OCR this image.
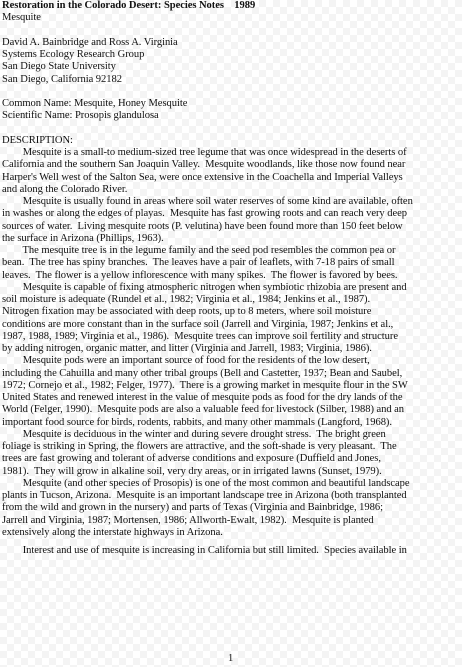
Restoration in the Colorado Desert: Species Notes    1989
Mesquite
David A. Bainbridge and Ross A. Virginia
Systems Ecology Research Group
San Diego State University
San Diego, California 92182
Common Name: Mesquite, Honey Mesquite
Scientific Name: Prosopis glandulosa
DESCRIPTION:
Mesquite is a small-to medium-sized tree legume that was once widespread in the deserts of
California and the southern San Joaquin Valley.  Mesquite woodlands, like those now found near
Harper's Well west of the Salton Sea, were once extensive in the Coachella and Imperial Valleys
and along the Colorado River.
Mesquite is usually found in areas where soil water reserves of some kind are available, often
in washes or along the edges of playas.  Mesquite has fast growing roots and can reach very deep
sources of water.  Living mesquite roots (P. velutina) have been found more than 150 feet below
the surface in Arizona (Phillips, 1963).
The mesquite tree is in the legume family and the seed pod resembles the common pea or
bean.  The tree has spiny branches.  The leaves have a pair of leaflets, with 7-18 pairs of small
leaves.  The flower is a yellow inflorescence with many spikes.  The flower is favored by bees.
Mesquite is capable of fixing atmospheric nitrogen when symbiotic rhizobia are present and
soil moisture is adequate (Rundel et al., 1982; Virginia et al., 1984; Jenkins et al., 1987).
Nitrogen fixation may be associated with deep roots, up to 8 meters, where soil moisture
conditions are more constant than in the surface soil (Jarrell and Virginia, 1987; Jenkins et al.,
1987, 1988, 1989; Virginia et al., 1986).  Mesquite trees can improve soil fertility and structure
by adding nitrogen, organic matter, and litter (Virginia and Jarrell, 1983; Virginia, 1986).
Mesquite pods were an important source of food for the residents of the low desert,
including the Cahuilla and many other tribal groups (Bell and Castetter, 1937; Bean and Saubel,
1972; Cornejo et al., 1982; Felger, 1977).  There is a growing market in mesquite flour in the SW
United States and renewed interest in the value of mesquite pods as food for the dry lands of the
World (Felger, 1990).  Mesquite pods are also a valuable feed for livestock (Silber, 1988) and an
important food source for birds, rodents, rabbits, and many other mammals (Langford, 1968).
Mesquite is deciduous in the winter and during severe drought stress.  The bright green
foliage is striking in Spring, the flowers are attractive, and the soft-shade is very pleasant.  The
trees are fast growing and tolerant of adverse conditions and exposure (Duffield and Jones,
1981).  They will grow in alkaline soil, very dry areas, or in irrigated lawns (Sunset, 1979).
Mesquite (and other species of Prosopis) is one of the most common and beautiful landscape
plants in Tucson, Arizona.  Mesquite is an important landscape tree in Arizona (both transplanted
from the wild and grown in the nursery) and parts of Texas (Virginia and Bainbridge, 1986;
Jarrell and Virginia, 1987; Mortensen, 1986; Allworth-Ewalt, 1982).  Mesquite is planted
extensively along the interstate highways in Arizona.
Interest and use of mesquite is increasing in California but still limited.  Species available in
1
